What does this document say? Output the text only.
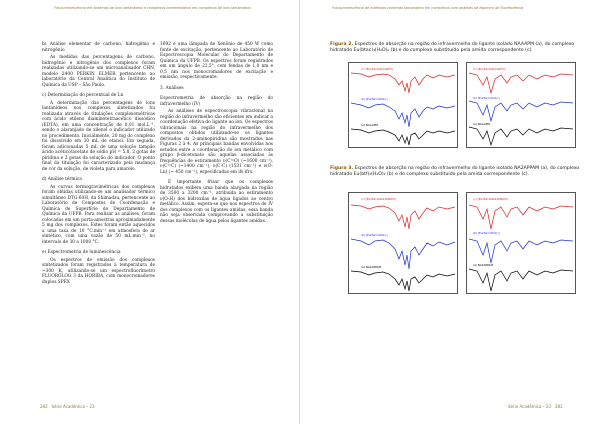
Fotoluminescência em sistemas de íons lantanídeos e complexos intermediários em complexos de íons lantanídeos

b) Análise elementar de carbono, hidrogênio e nitrogênio

As medidas das percentagens de carbono, hidrogênio e nitrogênio dos complexos foram realizadas utilizando-se um microanalisador CHN, modelo 2400 PERKIN ELMER pertencente ao laboratório da Central Analítica do Instituto de Química da USP – São Paulo.

c) Determinação do percentual de Ln

A determinação das percentagens de íons lantanídeos nos complexos sintetizados foi realizada através de titulações complexométricas com ácido etileno diaminotetraacético dissódico (EDTA), em uma concentração de 0,01 mol.L⁻¹, sendo o alaranjado de xilenol o indicador utilizado no procedimento. Inicialmente, 20 mg do complexo foi dissolvido em 30 mL de etanol. Em seguida, foram adicionadas 5 mL de uma solução tampão ácido acético/acetato de sódio pH = 5,8, 2 gotas de piridina e 3 gotas da solução do indicador. O ponto final da titulação foi caracterizado pela mudança de cor da solução, de violeta para amarelo.

d) Análise térmica

As curvas termogravimétricas dos complexos foram obtidas utilizando-se um analisador térmico simultâneo DTG-60H, da Shimadzu, pertencente ao Laboratório de Compostos de Coordenação e Química de Superfície do Departamento de Química da UFPB. Para realizar as análises, foram colocadas em um porta-amostras aproximadamente 5 mg dos complexos. Estes foram então aquecidos a uma taxa de 10 °C.min⁻¹ em atmosfera de ar sintético, com uma vazão de 50 mL.min⁻¹, no intervalo de 30 a 1000 °C.

e) Espectrometria de luminescência

Os espectros de emissão dos complexos sintetizados foram registrados à temperatura de ~300 K, utilizando-se um espectrofluorímetro FLUOROLOG 3 da HORIBA, com monocromadores duplos SPEX

1692 e uma lâmpada de Xenônio de 450 W como fonte de excitação, pertencente ao Laboratório de Espectroscopia Molecular do Departamento de Química da UFPB. Os espectros foram registrados em um ângulo de 22,5°, com fendas de 1,0 nm e 0,5 nm nos monocromadores de excitação e emissão, respectivamente.

3. Análises

Espectrometria de absorção na região do infravermelho (IV)

As análises de espectroscopia vibracional na região do infravermelho são eficientes em indicar a coordenação efetiva do ligante ao íon. Os espectros vibracionais na região do infravermelho dos compostos obtidos utilizando-se os ligantes derivados da 2-aminopiridina são mostrados nas Figuras 2 à 4. As principais bandas envolvidas nos estudos entre a coordenação do íon metálico com grupo β-dicetonato são aquelas associadas às frequências de estiramento ν(C=O) (~1600 cm⁻¹), ν(C=C) (~1400 cm⁻¹), ν(C-C) (1531 cm⁻¹) e ν(O-Ln) (~ 450 cm⁻¹), especificadas em ifs ifrs.

É importante frisar que os complexos hidratados exibem uma banda alargada na região de 3500 a 3200 cm⁻¹, atribuída ao estiramento ν(O-H) dos hidroxilas de água ligados ao centro metálico. Assim, espera-se que nos espectros de IV dos complexos com os ligantes amidas, essa banda não seja observada comprovando a substituição dessas moléculas de água pelos ligantes amidas.

282 Série Acadêmica – 23
Fotoluminescência de materiais contendo lantanídeos em complexos com análises de espectro de fluorescência
Figura 2. Espectros de absorção na região do infravermelho do ligante isolado NAAAPM (a), do complexo hidratado Eu(btac)₃(H₂O)₂ (b) e do complexo substituído pela amida correspondente (c).
(c) [Eu(tta)₃(NAAAPM)]
(b) [Eu(tta)₃(H₂O)₂]
(a) NAAAPM
(c) [Eu(tta)₃(NAAAPM)]
(b) [Eu(tta)₃(H₂O)₂]
(a) NAAAPM
Figura 3. Espectros de absorção na região do infravermelho do ligante isolado NA2APPAM (a), do complexo hidratado Eu(btf)₃(H₂O)₂ (b) e do complexo substituído pela amida correspondente (c).
(c) [Eu(tta)₃(NA2APPAM)]
(b) [Eu(tta)₃(H₂O)₂]
(a) NA2APPAM
(c) [Eu(tta)₃(NA2APPAM)]
(b) [Eu(tta)₃(H₂O)₂]
(a) NA2APPAM
Série Acadêmica – 23 283
